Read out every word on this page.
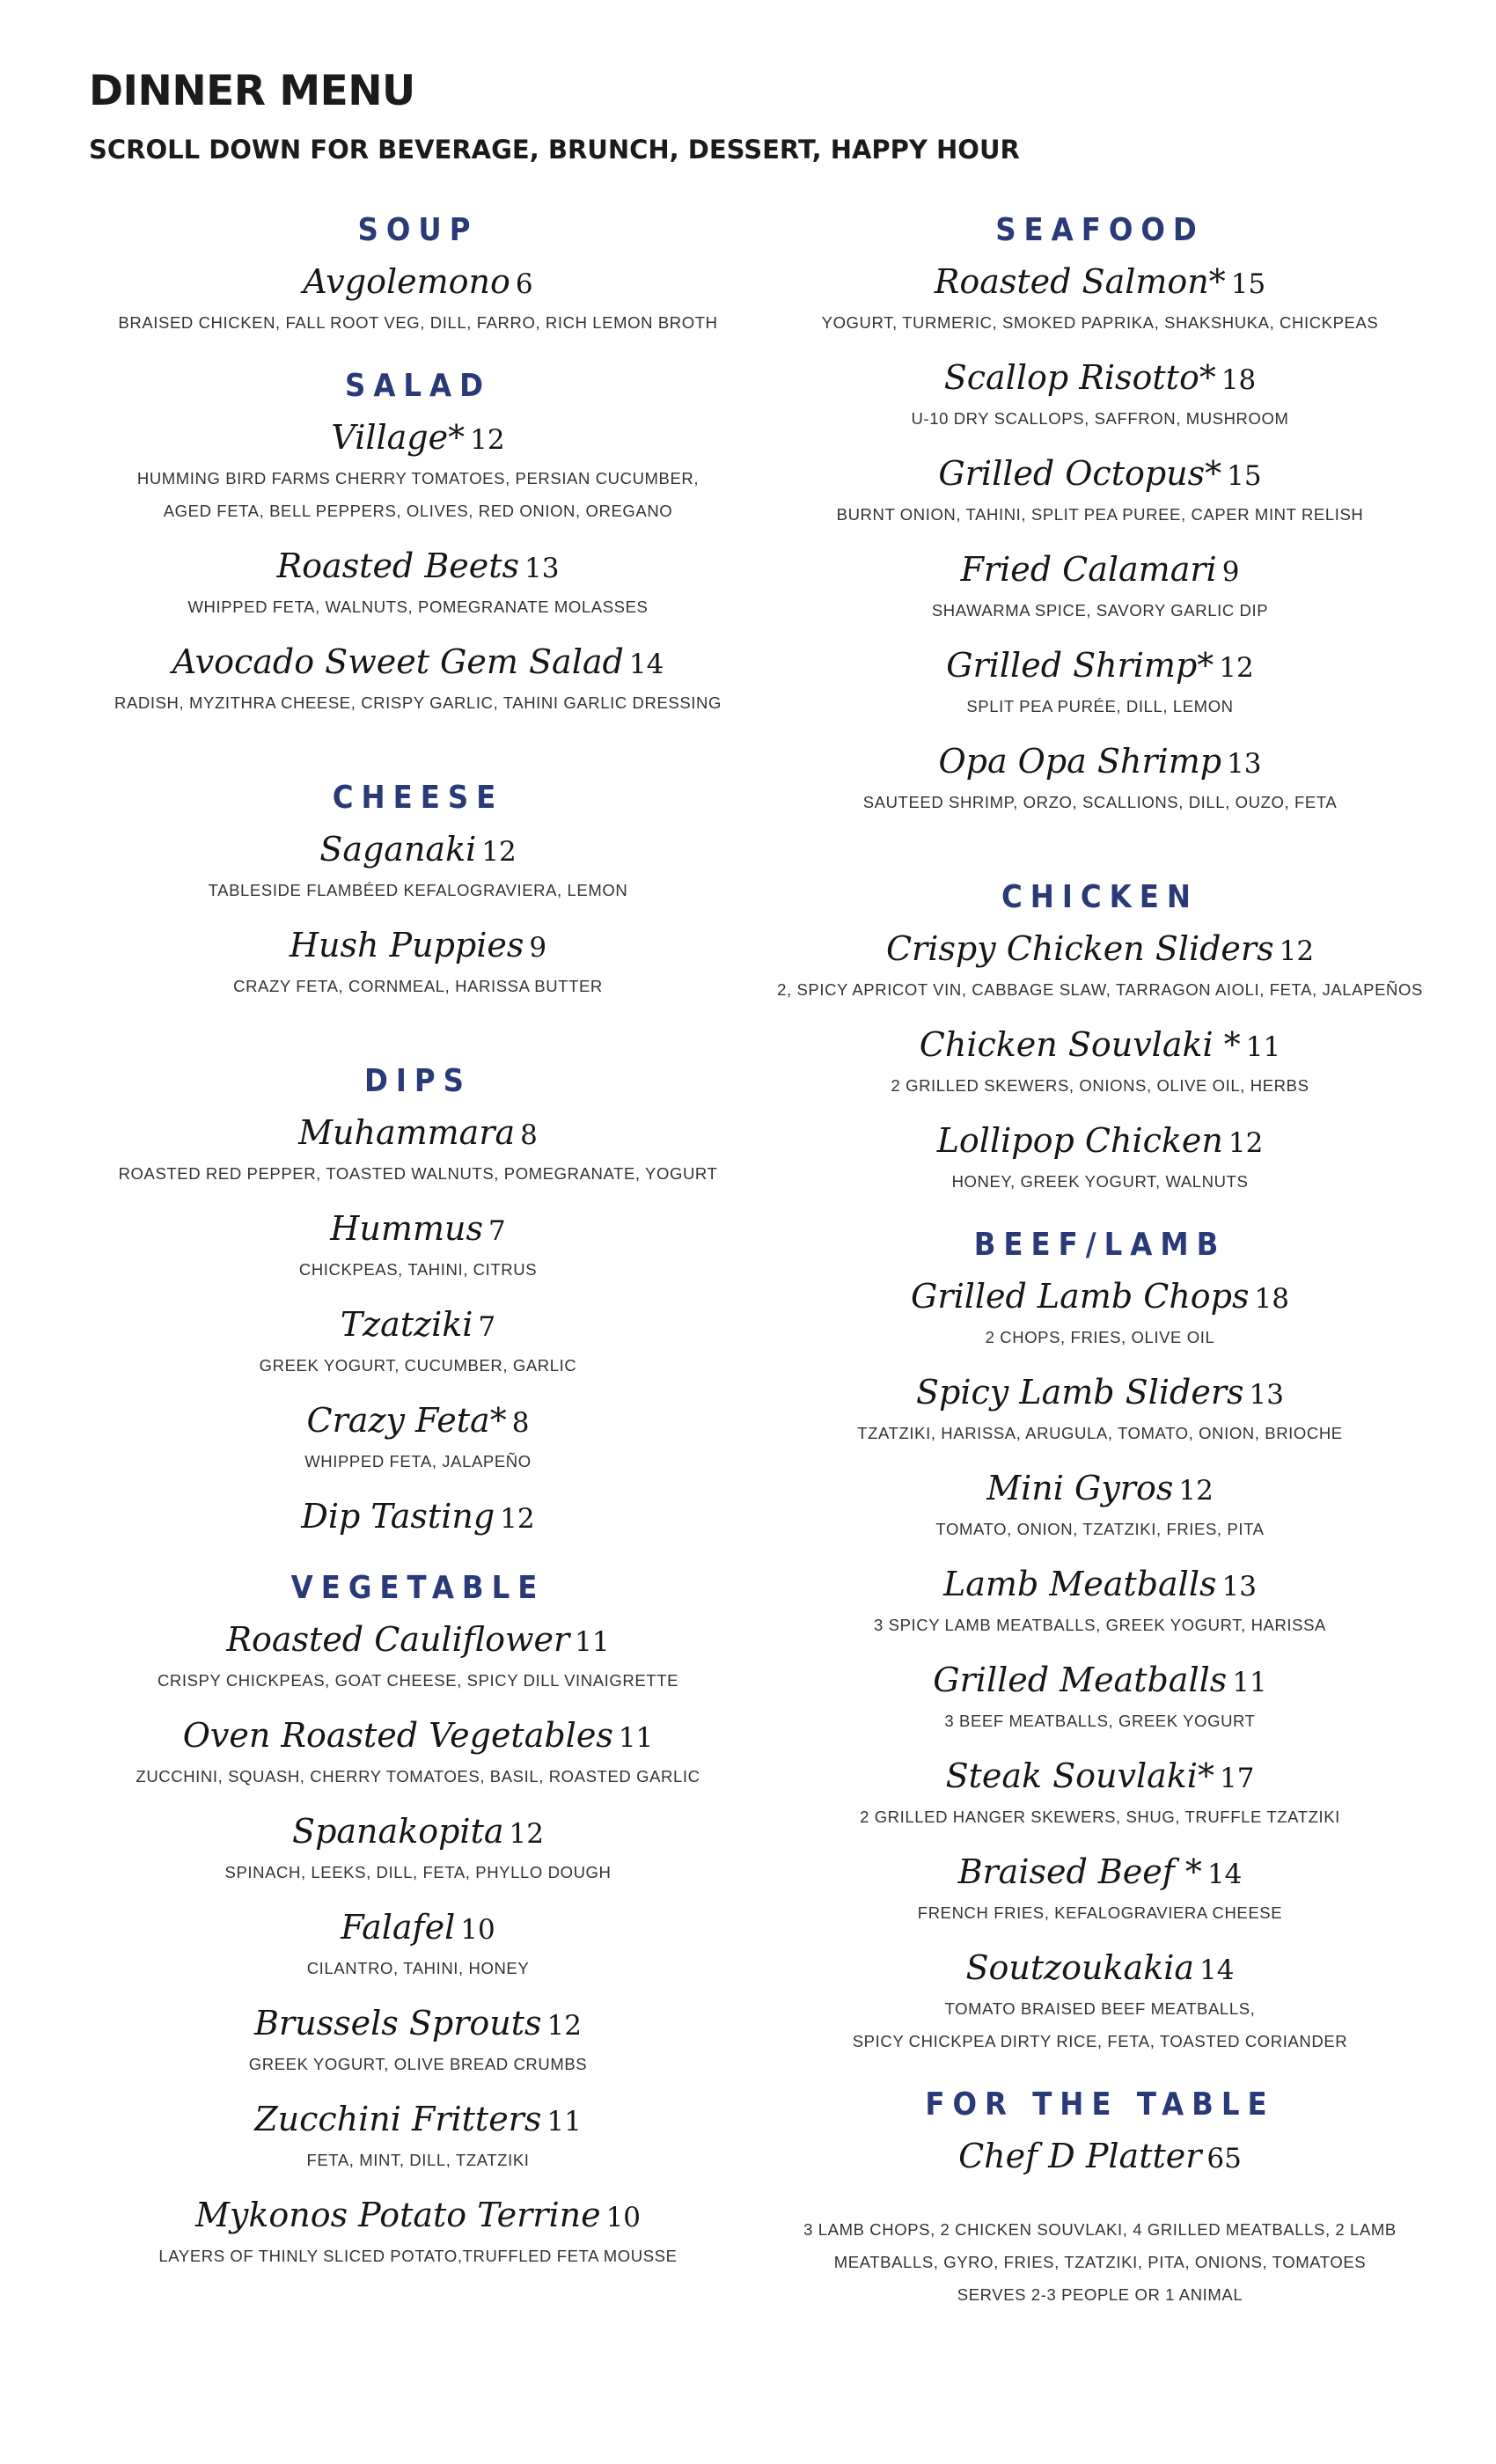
DINNER MENU
SCROLL DOWN FOR BEVERAGE, BRUNCH, DESSERT, HAPPY HOUR
SOUP
Avgolemono 6
BRAISED CHICKEN, FALL ROOT VEG, DILL, FARRO, RICH LEMON BROTH
SALAD
Village* 12
HUMMING BIRD FARMS CHERRY TOMATOES, PERSIAN CUCUMBER,
AGED FETA, BELL PEPPERS, OLIVES, RED ONION, OREGANO
Roasted Beets 13
WHIPPED FETA, WALNUTS, POMEGRANATE MOLASSES
Avocado Sweet Gem Salad 14
RADISH, MYZITHRA CHEESE, CRISPY GARLIC, TAHINI GARLIC DRESSING
CHEESE
Saganaki 12
TABLESIDE FLAMBÉED KEFALOGRAVIERA, LEMON
Hush Puppies 9
CRAZY FETA, CORNMEAL, HARISSA BUTTER
DIPS
Muhammara 8
ROASTED RED PEPPER, TOASTED WALNUTS, POMEGRANATE, YOGURT
Hummus 7
CHICKPEAS, TAHINI, CITRUS
Tzatziki 7
GREEK YOGURT, CUCUMBER, GARLIC
Crazy Feta* 8
WHIPPED FETA, JALAPEÑO
Dip Tasting 12
VEGETABLE
Roasted Cauliflower 11
CRISPY CHICKPEAS, GOAT CHEESE, SPICY DILL VINAIGRETTE
Oven Roasted Vegetables 11
ZUCCHINI, SQUASH, CHERRY TOMATOES, BASIL, ROASTED GARLIC
Spanakopita 12
SPINACH, LEEKS, DILL, FETA, PHYLLO DOUGH
Falafel 10
CILANTRO, TAHINI, HONEY
Brussels Sprouts 12
GREEK YOGURT, OLIVE BREAD CRUMBS
Zucchini Fritters 11
FETA, MINT, DILL, TZATZIKI
Mykonos Potato Terrine 10
LAYERS OF THINLY SLICED POTATO,TRUFFLED FETA MOUSSE
SEAFOOD
Roasted Salmon* 15
YOGURT, TURMERIC, SMOKED PAPRIKA, SHAKSHUKA, CHICKPEAS
Scallop Risotto* 18
U-10 DRY SCALLOPS, SAFFRON, MUSHROOM
Grilled Octopus* 15
BURNT ONION, TAHINI, SPLIT PEA PUREE, CAPER MINT RELISH
Fried Calamari 9
SHAWARMA SPICE, SAVORY GARLIC DIP
Grilled Shrimp* 12
SPLIT PEA PURÉE, DILL, LEMON
Opa Opa Shrimp 13
SAUTEED SHRIMP, ORZO, SCALLIONS, DILL, OUZO, FETA
CHICKEN
Crispy Chicken Sliders 12
2, SPICY APRICOT VIN, CABBAGE SLAW, TARRAGON AIOLI, FETA, JALAPEÑOS
Chicken Souvlaki * 11
2 GRILLED SKEWERS, ONIONS, OLIVE OIL, HERBS
Lollipop Chicken 12
HONEY, GREEK YOGURT, WALNUTS
BEEF/LAMB
Grilled Lamb Chops 18
2 CHOPS, FRIES, OLIVE OIL
Spicy Lamb Sliders 13
TZATZIKI, HARISSA, ARUGULA, TOMATO, ONION, BRIOCHE
Mini Gyros 12
TOMATO, ONION, TZATZIKI, FRIES, PITA
Lamb Meatballs 13
3 SPICY LAMB MEATBALLS, GREEK YOGURT, HARISSA
Grilled Meatballs 11
3 BEEF MEATBALLS, GREEK YOGURT
Steak Souvlaki* 17
2 GRILLED HANGER SKEWERS, SHUG, TRUFFLE TZATZIKI
Braised Beef * 14
FRENCH FRIES, KEFALOGRAVIERA CHEESE
Soutzoukakia 14
TOMATO BRAISED BEEF MEATBALLS,
SPICY CHICKPEA DIRTY RICE, FETA, TOASTED CORIANDER
FOR THE TABLE
Chef D Platter 65
3 LAMB CHOPS, 2 CHICKEN SOUVLAKI, 4 GRILLED MEATBALLS, 2 LAMB
MEATBALLS, GYRO, FRIES, TZATZIKI, PITA, ONIONS, TOMATOES
SERVES 2-3 PEOPLE OR 1 ANIMAL
